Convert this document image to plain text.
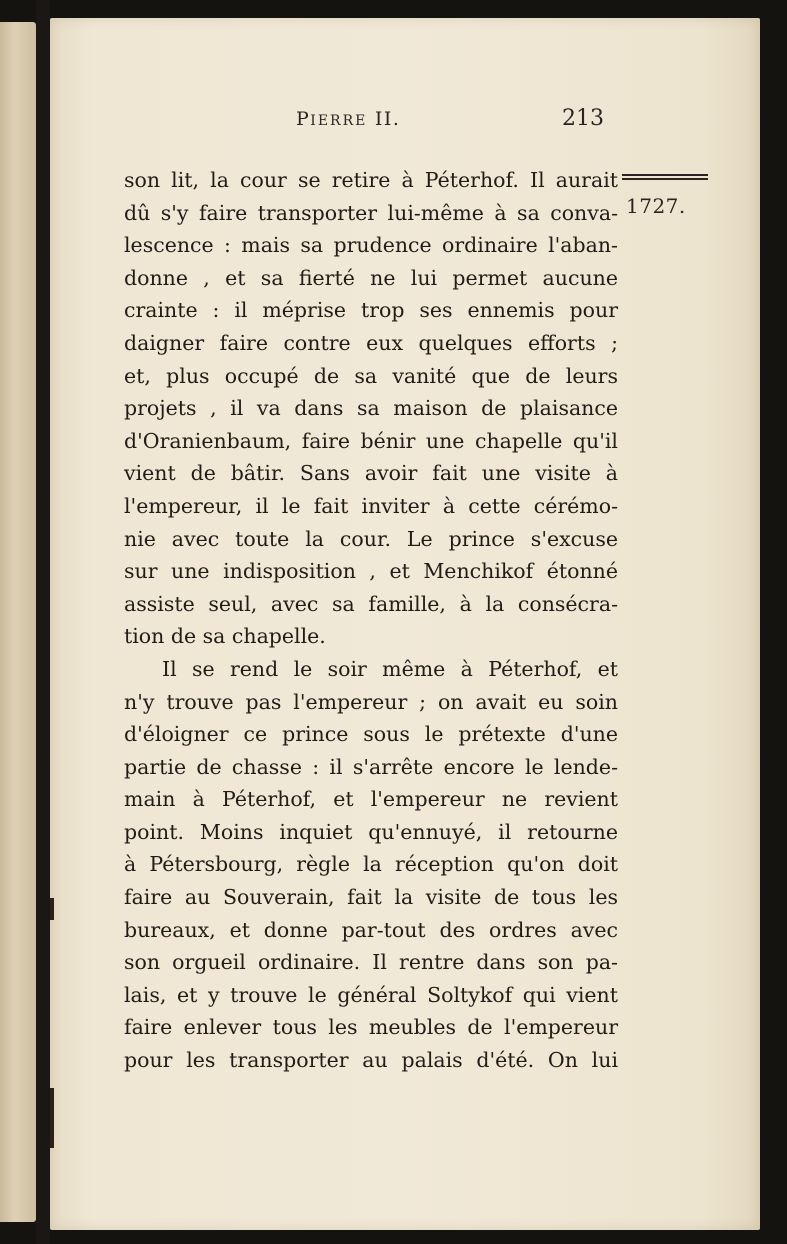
PIERRE II.	213
1727.
son lit, la cour se retire à Péterhof. Il aurait
dû s'y faire transporter lui-même à sa conva-
lescence : mais sa prudence ordinaire l'aban-
donne , et sa fierté ne lui permet aucune
crainte : il méprise trop ses ennemis pour
daigner faire contre eux quelques efforts ;
et, plus occupé de sa vanité que de leurs
projets , il va dans sa maison de plaisance
d'Oranienbaum, faire bénir une chapelle qu'il
vient de bâtir. Sans avoir fait une visite à
l'empereur, il le fait inviter à cette cérémo-
nie avec toute la cour. Le prince s'excuse
sur une indisposition , et Menchikof étonné
assiste seul, avec sa famille, à la consécra-
tion de sa chapelle.
Il se rend le soir même à Péterhof, et
n'y trouve pas l'empereur ; on avait eu soin
d'éloigner ce prince sous le prétexte d'une
partie de chasse : il s'arrête encore le lende-
main à Péterhof, et l'empereur ne revient
point. Moins inquiet qu'ennuyé, il retourne
à Pétersbourg, règle la réception qu'on doit
faire au Souverain, fait la visite de tous les
bureaux, et donne par-tout des ordres avec
son orgueil ordinaire. Il rentre dans son pa-
lais, et y trouve le général Soltykof qui vient
faire enlever tous les meubles de l'empereur
pour les transporter au palais d'été. On lui
